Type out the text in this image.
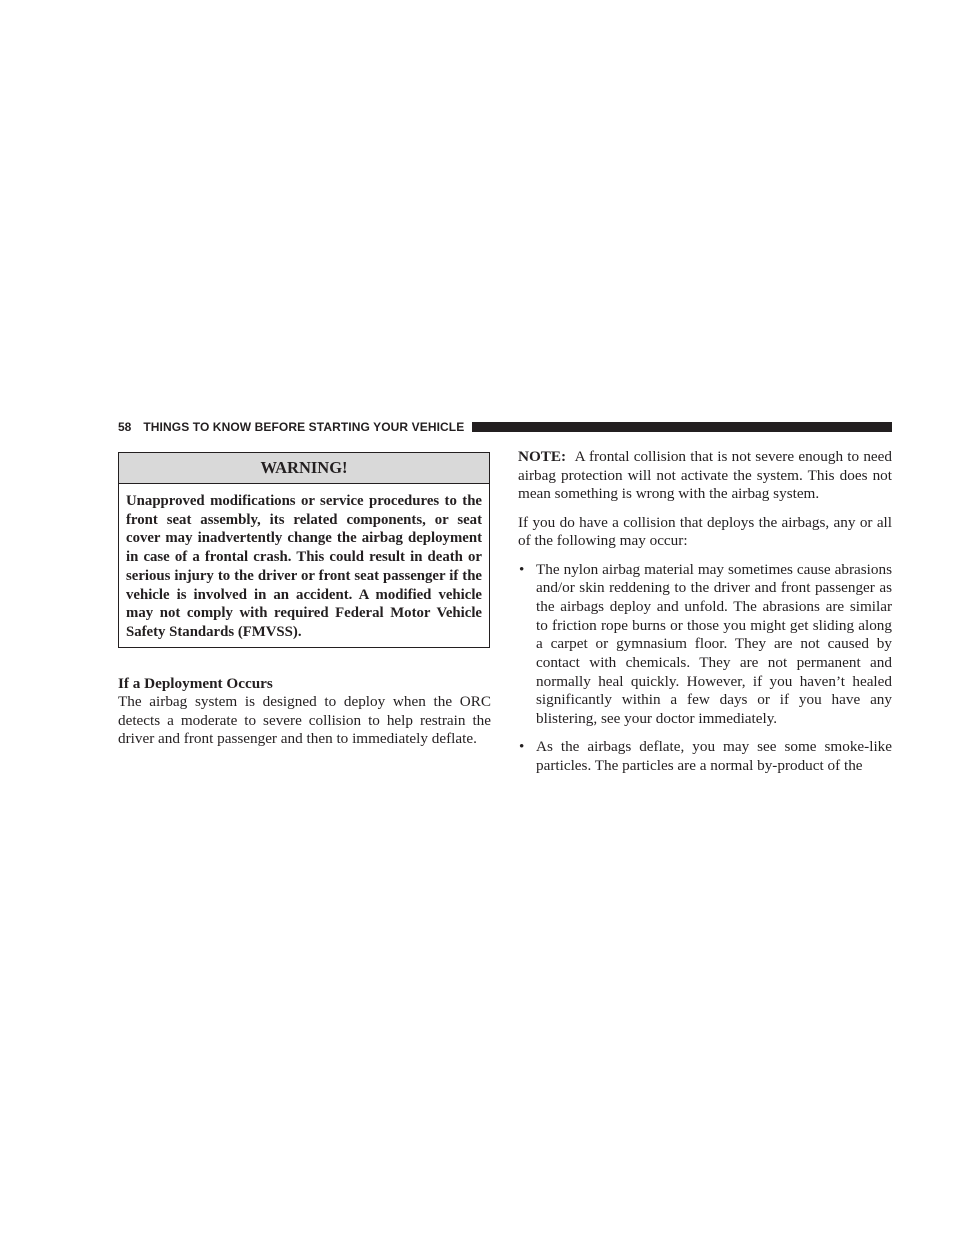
58 THINGS TO KNOW BEFORE STARTING YOUR VEHICLE
WARNING!
Unapproved modifications or service procedures to the front seat assembly, its related components, or seat cover may inadvertently change the airbag deployment in case of a frontal crash. This could result in death or serious injury to the driver or front seat passenger if the vehicle is involved in an accident. A modified vehicle may not comply with required Federal Motor Vehicle Safety Standards (FMVSS).
If a Deployment Occurs
The airbag system is designed to deploy when the ORC detects a moderate to severe collision to help restrain the driver and front passenger and then to immediately deflate.

NOTE: A frontal collision that is not severe enough to need airbag protection will not activate the system. This does not mean something is wrong with the airbag system.

If you do have a collision that deploys the airbags, any or all of the following may occur:

• The nylon airbag material may sometimes cause abrasions and/or skin reddening to the driver and front passenger as the airbags deploy and unfold. The abrasions are similar to friction rope burns or those you might get sliding along a carpet or gymnasium floor. They are not caused by contact with chemicals. They are not permanent and normally heal quickly. However, if you haven’t healed significantly within a few days or if you have any blistering, see your doctor immediately.
• As the airbags deflate, you may see some smoke-like particles. The particles are a normal by-product of the
